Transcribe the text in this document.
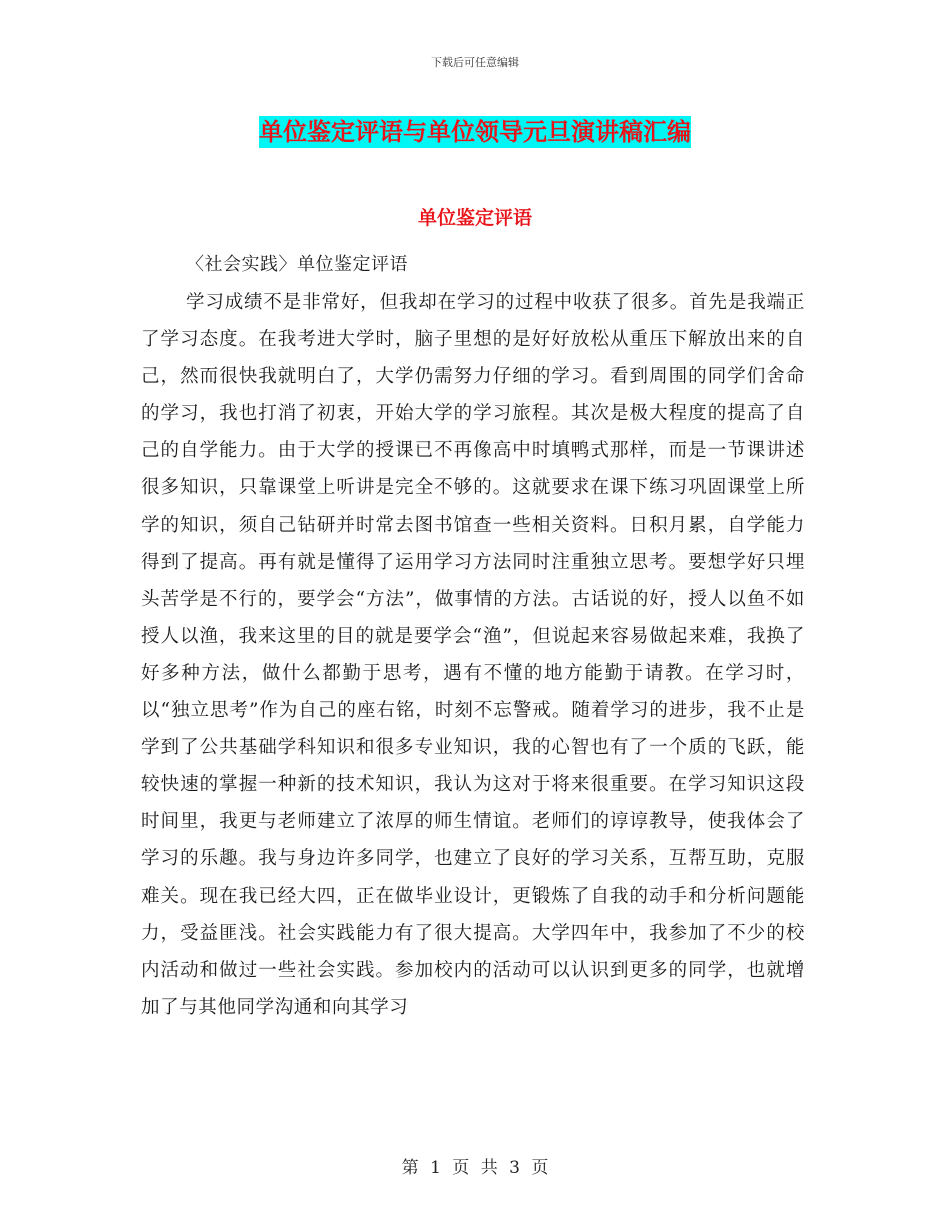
下载后可任意编辑
单位鉴定评语与单位领导元旦演讲稿汇编
单位鉴定评语
〈社会实践〉单位鉴定评语

学习成绩不是非常好，但我却在学习的过程中收获了很多。首先是我端正了学习态度。在我考进大学时，脑子里想的是好好放松从重压下解放出来的自己，然而很快我就明白了，大学仍需努力仔细的学习。看到周围的同学们舍命的学习，我也打消了初衷，开始大学的学习旅程。其次是极大程度的提高了自己的自学能力。由于大学的授课已不再像高中时填鸭式那样，而是一节课讲述很多知识，只靠课堂上听讲是完全不够的。这就要求在课下练习巩固课堂上所学的知识，须自己钻研并时常去图书馆查一些相关资料。日积月累，自学能力得到了提高。再有就是懂得了运用学习方法同时注重独立思考。要想学好只埋头苦学是不行的，要学会“方法”，做事情的方法。古话说的好，授人以鱼不如授人以渔，我来这里的目的就是要学会“渔”，但说起来容易做起来难，我换了好多种方法，做什么都勤于思考，遇有不懂的地方能勤于请教。在学习时，以“独立思考”作为自己的座右铭，时刻不忘警戒。随着学习的进步，我不止是学到了公共基础学科知识和很多专业知识，我的心智也有了一个质的飞跃，能较快速的掌握一种新的技术知识，我认为这对于将来很重要。在学习知识这段时间里，我更与老师建立了浓厚的师生情谊。老师们的谆谆教导，使我体会了学习的乐趣。我与身边许多同学，也建立了良好的学习关系，互帮互助，克服难关。现在我已经大四，正在做毕业设计，更锻炼了自我的动手和分析问题能力，受益匪浅。社会实践能力有了很大提高。大学四年中，我参加了不少的校内活动和做过一些社会实践。参加校内的活动可以认识到更多的同学，也就增加了与其他同学沟通和向其学习

第 1 页 共 3 页
